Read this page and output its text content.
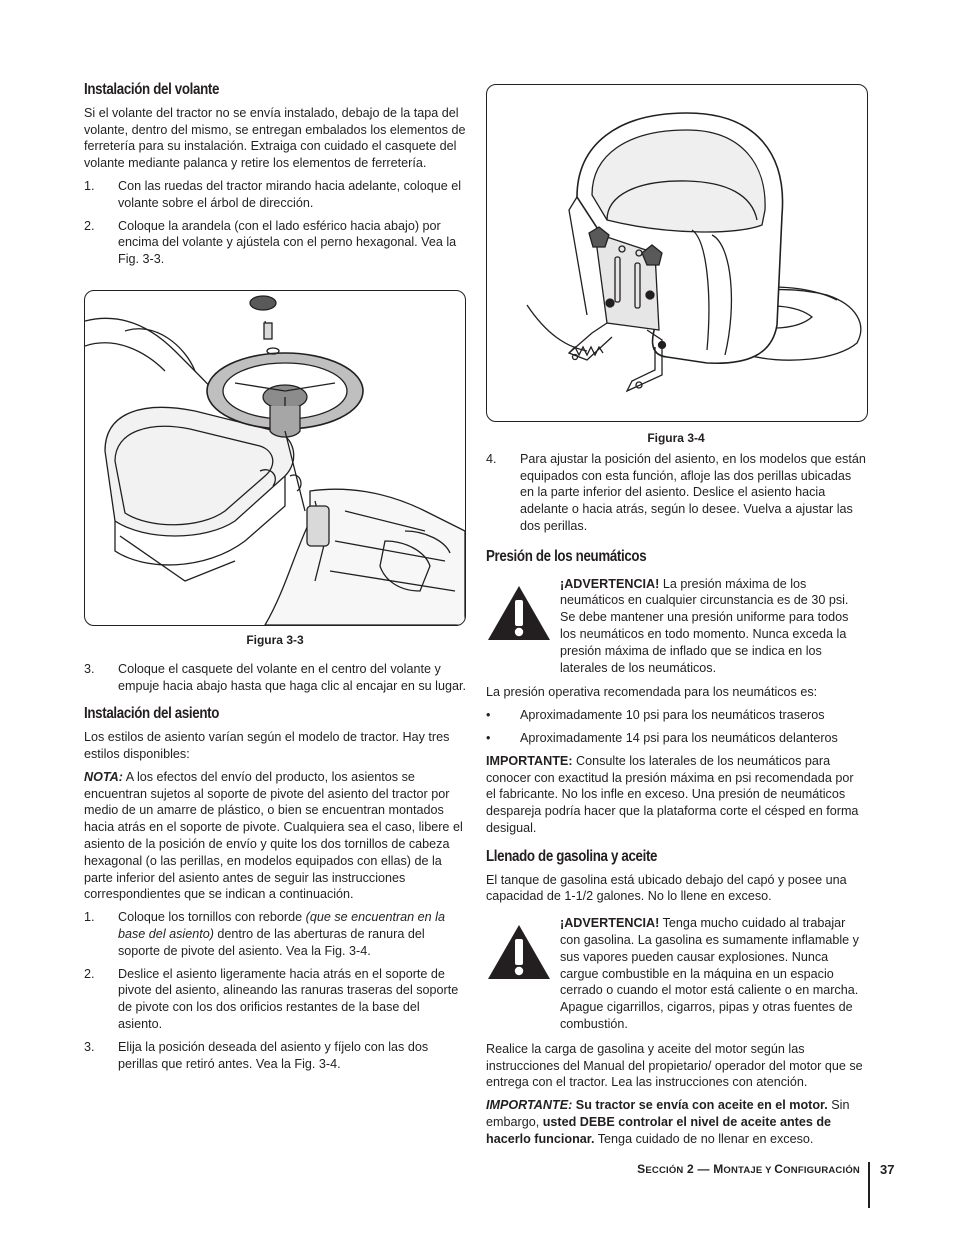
Instalación del volante

Si el volante del tractor no se envía instalado, debajo de la tapa del volante, dentro del mismo, se entregan embalados los elementos de ferretería para su instalación. Extraiga con cuidado el casquete del volante mediante palanca y retire los elementos de ferretería.

1. Con las ruedas del tractor mirando hacia adelante, coloque el volante sobre el árbol de dirección.
2. Coloque la arandela (con el lado esférico hacia abajo) por encima del volante y ajústela con el perno hexagonal. Vea la Fig. 3-3.
Figura 3-3
3. Coloque el casquete del volante en el centro del volante y empuje hacia abajo hasta que haga clic al encajar en su lugar.
Instalación del asiento

Los estilos de asiento varían según el modelo de tractor. Hay tres estilos disponibles:

NOTA: A los efectos del envío del producto, los asientos se encuentran sujetos al soporte de pivote del asiento del tractor por medio de un amarre de plástico, o bien se encuentran montados hacia atrás en el soporte de pivote. Cualquiera sea el caso, libere el asiento de la posición de envío y quite los dos tornillos de cabeza hexagonal (o las perillas, en modelos equipados con ellas) de la parte inferior del asiento antes de seguir las instrucciones correspondientes que se indican a continuación.

1. Coloque los tornillos con reborde (que se encuentran en la base del asiento) dentro de las aberturas de ranura del soporte de pivote del asiento. Vea la Fig. 3-4.
2. Deslice el asiento ligeramente hacia atrás en el soporte de pivote del asiento, alineando las ranuras traseras del soporte de pivote con los dos orificios restantes de la base del asiento.
3. Elija la posición deseada del asiento y fíjelo con las dos perillas que retiró antes. Vea la Fig. 3-4.
Figura 3-4
4. Para ajustar la posición del asiento, en los modelos que están equipados con esta función, afloje las dos perillas ubicadas en la parte inferior del asiento. Deslice el asiento hacia adelante o hacia atrás, según lo desee. Vuelva a ajustar las dos perillas.
Presión de los neumáticos
¡ADVERTENCIA! La presión máxima de los neumáticos en cualquier circunstancia es de 30 psi. Se debe mantener una presión uniforme para todos los neumáticos en todo momento. Nunca exceda la presión máxima de inflado que se indica en los laterales de los neumáticos.

La presión operativa recomendada para los neumáticos es:

• Aproximadamente 10 psi para los neumáticos traseros
• Aproximadamente 14 psi para los neumáticos delanteros

IMPORTANTE: Consulte los laterales de los neumáticos para conocer con exactitud la presión máxima en psi recomendada por el fabricante. No los infle en exceso. Una presión de neumáticos despareja podría hacer que la plataforma corte el césped en forma desigual.

Llenado de gasolina y aceite

El tanque de gasolina está ubicado debajo del capó y posee una capacidad de 1-1/2 galones. No lo llene en exceso.

¡ADVERTENCIA! Tenga mucho cuidado al trabajar con gasolina. La gasolina es sumamente inflamable y sus vapores pueden causar explosiones. Nunca cargue combustible en la máquina en un espacio cerrado o cuando el motor está caliente o en marcha. Apague cigarrillos, cigarros, pipas y otras fuentes de combustión.

Realice la carga de gasolina y aceite del motor según las instrucciones del Manual del propietario/ operador del motor que se entrega con el tractor. Lea las instrucciones con atención.

IMPORTANTE: Su tractor se envía con aceite en el motor. Sin embargo, usted DEBE controlar el nivel de aceite antes de hacerlo funcionar. Tenga cuidado de no llenar en exceso.

SECCIÓN 2 — MONTAJE Y CONFIGURACIÓN 37
